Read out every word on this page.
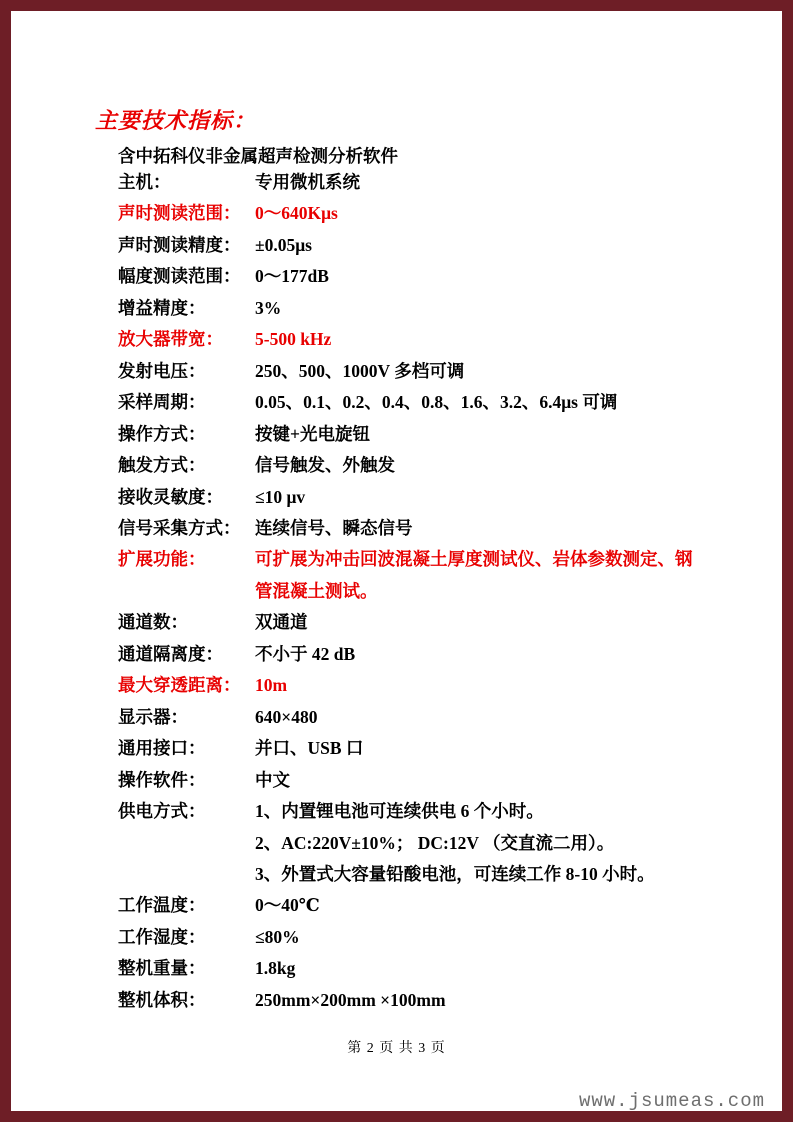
主要技术指标：
含中拓科仪非金属超声检测分析软件
主机：	专用微机系统
声时测读范围： 0～640Kμs
声时测读精度： ±0.05μs
幅度测读范围： 0～177dB
增益精度：	3%
放大器带宽：	5-500 kHz
发射电压：	250、500、1000V 多档可调
采样周期：	0.05、0.1、0.2、0.4、0.8、1.6、3.2、6.4μs 可调
操作方式：	按键+光电旋钮
触发方式：	信号触发、外触发
接收灵敏度：	≤10 μv
信号采集方式： 连续信号、瞬态信号
扩展功能：	可扩展为冲击回波混凝土厚度测试仪、岩体参数测定、钢
管混凝土测试。
通道数：	双通道
通道隔离度：	不小于 42 dB
最大穿透距离： 10m
显示器：	640×480
通用接口：	并口、USB 口
操作软件：	中文
供电方式：	1、内置锂电池可连续供电 6 个小时。
2、AC:220V±10%； DC:12V （交直流二用）。
3、外置式大容量铅酸电池，可连续工作 8-10 小时。
工作温度：	0～40℃
工作湿度：	≤80%
整机重量：	1.8kg
整机体积：	250mm×200mm ×100mm
第 2 页 共 3 页
www.jsumeas.com
